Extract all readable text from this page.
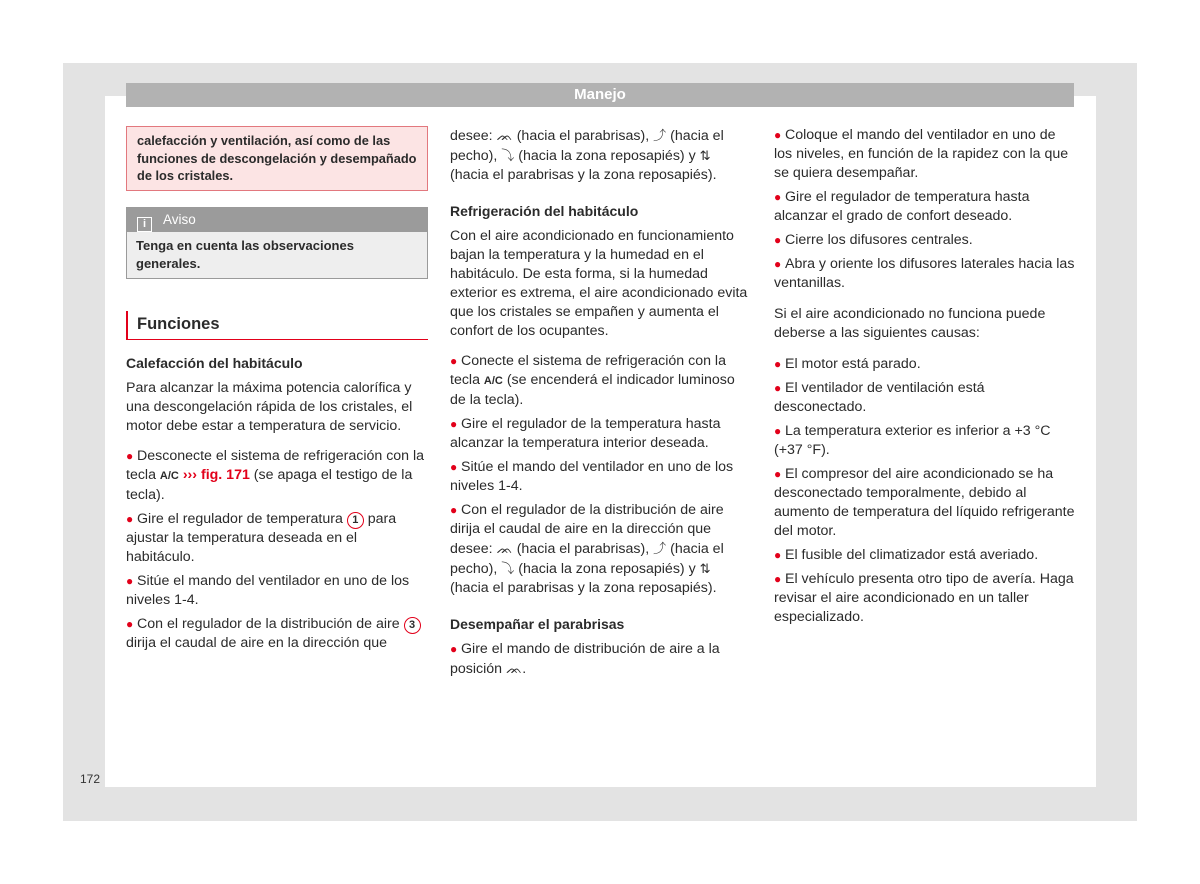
Manejo
calefacción y ventilación, así como de las funciones de descongelación y desempañado de los cristales.
i Aviso
Tenga en cuenta las observaciones generales.
Funciones
Calefacción del habitáculo

Para alcanzar la máxima potencia calorífica y una descongelación rápida de los cristales, el motor debe estar a temperatura de servicio.

● Desconecte el sistema de refrigeración con la tecla A/C ››› fig. 171 (se apaga el testigo de la tecla).

● Gire el regulador de temperatura 1 para ajustar la temperatura deseada en el habitáculo.

● Sitúe el mando del ventilador en uno de los niveles 1-4.

● Con el regulador de la distribución de aire 3 dirija el caudal de aire en la dirección que

desee: ᨏ (hacia el parabrisas), ⤴ (hacia el pecho), ⤵ (hacia la zona reposapiés) y ⇅ (hacia el parabrisas y la zona reposapiés).

Refrigeración del habitáculo

Con el aire acondicionado en funcionamiento bajan la temperatura y la humedad en el habitáculo. De esta forma, si la humedad exterior es extrema, el aire acondicionado evita que los cristales se empañen y aumenta el confort de los ocupantes.

● Conecte el sistema de refrigeración con la tecla A/C (se encenderá el indicador luminoso de la tecla).

● Gire el regulador de la temperatura hasta alcanzar la temperatura interior deseada.

● Sitúe el mando del ventilador en uno de los niveles 1-4.

● Con el regulador de la distribución de aire dirija el caudal de aire en la dirección que desee: ᨏ (hacia el parabrisas), ⤴ (hacia el pecho), ⤵ (hacia la zona reposapiés) y ⇅ (hacia el parabrisas y la zona reposapiés).

Desempañar el parabrisas

● Gire el mando de distribución de aire a la posición ᨏ.

● Coloque el mando del ventilador en uno de los niveles, en función de la rapidez con la que se quiera desempañar.

● Gire el regulador de temperatura hasta alcanzar el grado de confort deseado.

● Cierre los difusores centrales.

● Abra y oriente los difusores laterales hacia las ventanillas.

Si el aire acondicionado no funciona puede deberse a las siguientes causas:

● El motor está parado.

● El ventilador de ventilación está desconectado.

● La temperatura exterior es inferior a +3 °C (+37 °F).

● El compresor del aire acondicionado se ha desconectado temporalmente, debido al aumento de temperatura del líquido refrigerante del motor.

● El fusible del climatizador está averiado.

● El vehículo presenta otro tipo de avería. Haga revisar el aire acondicionado en un taller especializado.

172
